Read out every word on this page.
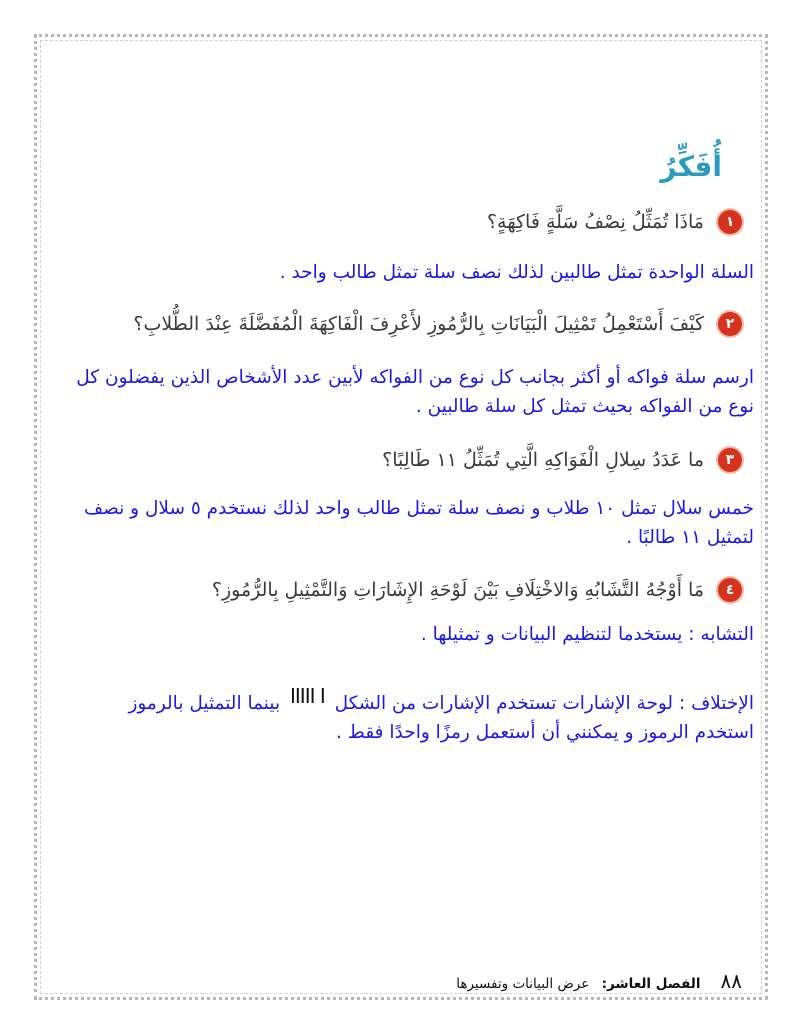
أُفَكِّرُ
١
مَاذَا تُمَثِّلُ نِصْفُ سَلَّةٍ فَاكِهَةٍ؟
السلة الواحدة تمثل طالبين لذلك نصف سلة تمثل طالب واحد .
٢
كَيْفَ أَسْتَعْمِلُ تَمْثِيلَ الْبَيَانَاتِ بِالرُّمُوزِ لأَعْرِفَ الْفَاكِهَةَ الْمُفَضَّلَةَ عِنْدَ الطُّلابِ؟
ارسم سلة فواكه أو أكثر بجانب كل نوع من الفواكه لأبين عدد الأشخاص الذين يفضلون كل نوع من الفواكه بحيث تمثل كل سلة طالبين .
٣
ما عَدَدُ سِلالِ الْفَوَاكِهِ الَّتِي تُمَثِّلُ ١١ طَالِبًا؟
خمس سلال تمثل ١٠ طلاب و نصف سلة تمثل طالب واحد لذلك نستخدم ٥ سلال و نصف لتمثيل ١١ طالبًا .
٤
مَا أَوْجُهُ التَّشَابُهِ وَالاخْتِلَافِ بَيْنَ لَوْحَةِ الإِشَارَاتِ وَالتَّمْثِيلِ بِالرُّمُوزِ؟
التشابه : يستخدما لتنظيم البيانات و تمثيلها .
الإختلاف : لوحة الإشارات تستخدم الإشارات من الشكل IIIII I بينما التمثيل بالرموز استخدم الرموز و يمكنني أن أستعمل رمزًا واحدًا فقط .
٨٨
الفصل العاشر: عرض البيانات وتفسيرها
